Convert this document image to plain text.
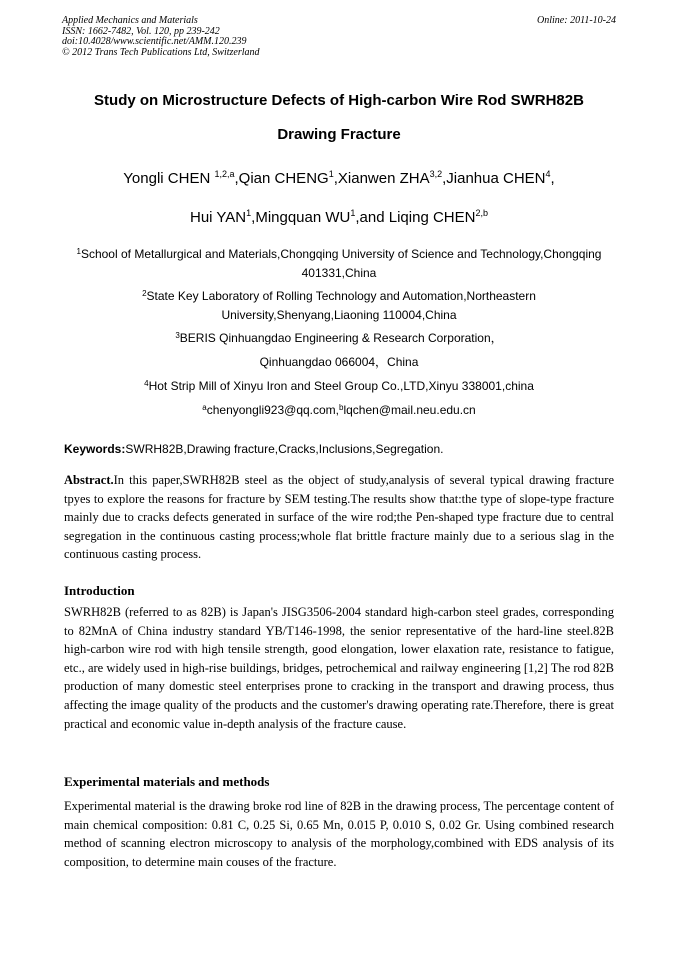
Applied Mechanics and Materials
ISSN: 1662-7482, Vol. 120, pp 239-242
doi:10.4028/www.scientific.net/AMM.120.239
© 2012 Trans Tech Publications Ltd, Switzerland
Online: 2011-10-24
Study on Microstructure Defects of High-carbon Wire Rod SWRH82B
Drawing Fracture
Yongli CHEN $^{1,2,a}$,Qian CHENG$^1$,Xianwen ZHA$^{3,2}$,Jianhua CHEN$^4$,
Hui YAN$^1$,Mingquan $WU^1,and$ Liqing CHEN$^{2,b}$
$^1$School of Metallurgical and Materials,Chongqing University of Science and Technology,Chongqing
401331,China
$^2$State Key Laboratory of Rolling Technology and Automation,Northeastern
University,Shenyang,Liaoning 110004,China
$^3$BERIS Qinhuangdao Engineering & Research Corporation，
Qinhuangdao 066004，China
$^4$Hot Strip Mill of Xinyu Iron and Steel Group Co.,LTD,Xinyu 338001,china
$^a$chenyongli923@qq.com,$^b$lqchen@mail.neu.edu.cn
Keywords:SWRH82B,Drawing fracture,Cracks,Inclusions,Segregation.
Abstract.In this paper,SWRH82B steel as the object of study,analysis of several typical drawing fracture tpyes to explore the reasons for fracture by SEM testing.The results show that:the type of slope-type fracture mainly due to cracks defects generated in surface of the wire rod;the Pen-shaped type fracture due to central segregation in the continuous casting process;whole flat brittle fracture mainly due to a serious slag in the continuous casting process.
Introduction
SWRH82B (referred to as 82B) is Japan's JISG3506-2004 standard high-carbon steel grades, corresponding to 82MnA of China industry standard YB/T146-1998, the senior representative of the hard-line steel.82B high-carbon wire rod with high tensile strength, good elongation, lower elaxation rate, resistance to fatigue, etc., are widely used in high-rise buildings, bridges, petrochemical and railway engineering [1,2] The rod 82B production of many domestic steel enterprises prone to cracking in the transport and drawing process, thus affecting the image quality of the products and the customer's drawing operating rate.Therefore, there is great practical and economic value in-depth analysis of the fracture cause.
Experimental materials and methods
Experimental material is the drawing broke rod line of 82B in the drawing process, The percentage content of main chemical composition: 0.81 C, 0.25 Si, 0.65 Mn, 0.015 P, 0.010 S, 0.02 Gr. Using combined research method of scanning electron microscopy to analysis of the morphology,combined with EDS analysis of its composition, to determine main couses of the fracture.
